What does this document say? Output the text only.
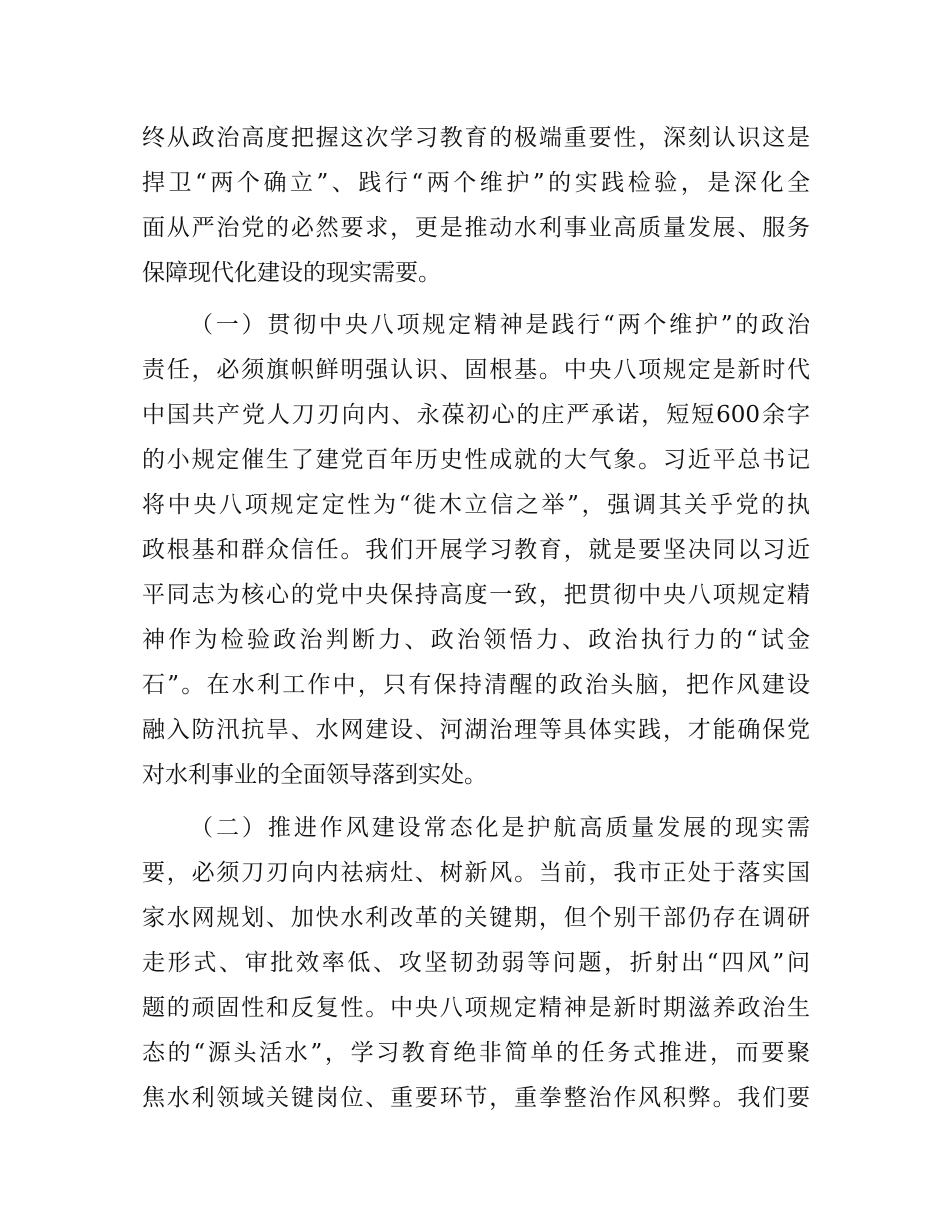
终从政治高度把握这次学习教育的极端重要性，深刻认识这是
捍卫“两个确立”、践行“两个维护”的实践检验，是深化全
面从严治党的必然要求，更是推动水利事业高质量发展、服务
保障现代化建设的现实需要。
（一）贯彻中央八项规定精神是践行“两个维护”的政治
责任，必须旗帜鲜明强认识、固根基。中央八项规定是新时代
中国共产党人刀刃向内、永葆初心的庄严承诺，短短600余字
的小规定催生了建党百年历史性成就的大气象。习近平总书记
将中央八项规定定性为“徙木立信之举”，强调其关乎党的执
政根基和群众信任。我们开展学习教育，就是要坚决同以习近
平同志为核心的党中央保持高度一致，把贯彻中央八项规定精
神作为检验政治判断力、政治领悟力、政治执行力的“试金
石”。在水利工作中，只有保持清醒的政治头脑，把作风建设
融入防汛抗旱、水网建设、河湖治理等具体实践，才能确保党
对水利事业的全面领导落到实处。
（二）推进作风建设常态化是护航高质量发展的现实需
要，必须刀刃向内祛病灶、树新风。当前，我市正处于落实国
家水网规划、加快水利改革的关键期，但个别干部仍存在调研
走形式、审批效率低、攻坚韧劲弱等问题，折射出“四风”问
题的顽固性和反复性。中央八项规定精神是新时期滋养政治生
态的“源头活水”，学习教育绝非简单的任务式推进，而要聚
焦水利领域关键岗位、重要环节，重拳整治作风积弊。我们要
